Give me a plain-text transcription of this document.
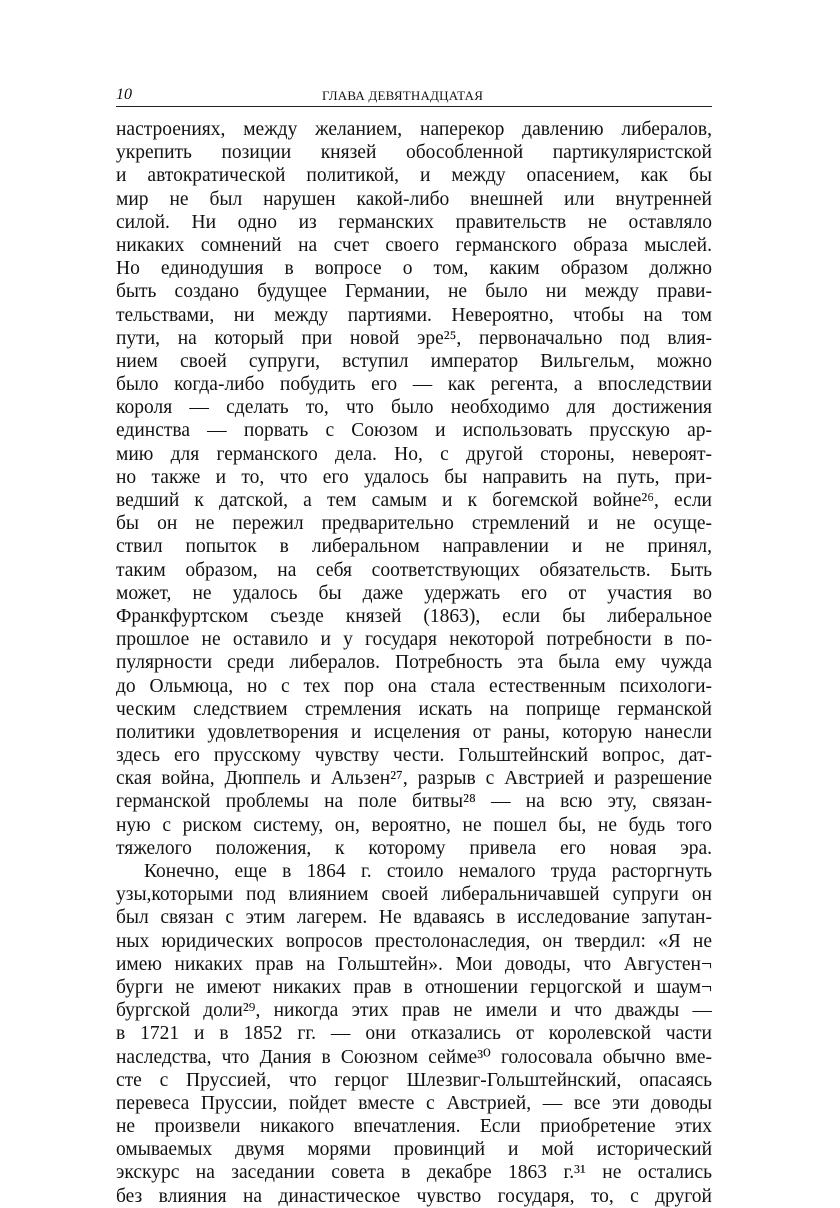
10	ГЛАВА ДЕВЯТНАДЦАТАЯ
настроениях, между желанием, наперекор давлению либералов,
укрепить позиции князей обособленной партикуляристской
и автократической политикой, и между опасением, как бы
мир не был нарушен какой-либо внешней или внутренней
силой. Ни одно из германских правительств не оставляло
никаких сомнений на счет своего германского образа мыслей.
Но единодушия в вопросе о том, каким образом должно
быть создано будущее Германии, не было ни между прави-
тельствами, ни между партиями. Невероятно, чтобы на том
пути, на который при новой эре²⁵, первоначально под влия-
нием своей супруги, вступил император Вильгельм, можно
было когда-либо побудить его — как регента, а впоследствии
короля — сделать то, что было необходимо для достижения
единства — порвать с Союзом и использовать прусскую ар-
мию для германского дела. Но, с другой стороны, невероят-
но также и то, что его удалось бы направить на путь, при-
ведший к датской, а тем самым и к богемской войне²⁶, если
бы он не пережил предварительно стремлений и не осуще-
ствил попыток в либеральном направлении и не принял,
таким образом, на себя соответствующих обязательств. Быть
может, не удалось бы даже удержать его от участия во
Франкфуртском съезде князей (1863), если бы либеральное
прошлое не оставило и у государя некоторой потребности в по-
пулярности среди либералов. Потребность эта была ему чужда
до Ольмюца, но с тех пор она стала естественным психологи-
ческим следствием стремления искать на поприще германской
политики удовлетворения и исцеления от раны, которую нанесли
здесь его прусскому чувству чести. Гольштейнский вопрос, дат-
ская война, Дюппель и Альзен²⁷, разрыв с Австрией и разрешение
германской проблемы на поле битвы²⁸ — на всю эту, связан-
ную с риском систему, он, вероятно, не пошел бы, не будь того
тяжелого положения, к которому привела его новая эра.
Конечно, еще в 1864 г. стоило немалого труда расторгнуть
узы,которыми под влиянием своей либеральничавшей супруги он
был связан с этим лагерем. Не вдаваясь в исследование запутан-
ных юридических вопросов престолонаследия, он твердил: «Я не
имею никаких прав на Гольштейн». Мои доводы, что Августен¬
бурги не имеют никаких прав в отношении герцогской и шаум¬
бургской доли²⁹, никогда этих прав не имели и что дважды —
в 1721 и в 1852 гг. — они отказались от королевской части
наследства, что Дания в Союзном сейме³⁰ голосовала обычно вме-
сте с Пруссией, что герцог Шлезвиг-Гольштейнский, опасаясь
перевеса Пруссии, пойдет вместе с Австрией, — все эти доводы
не произвели никакого впечатления. Если приобретение этих
омываемых двумя морями провинций и мой исторический
экскурс на заседании совета в декабре 1863 г.³¹ не остались
без влияния на династическое чувство государя, то, с другой
